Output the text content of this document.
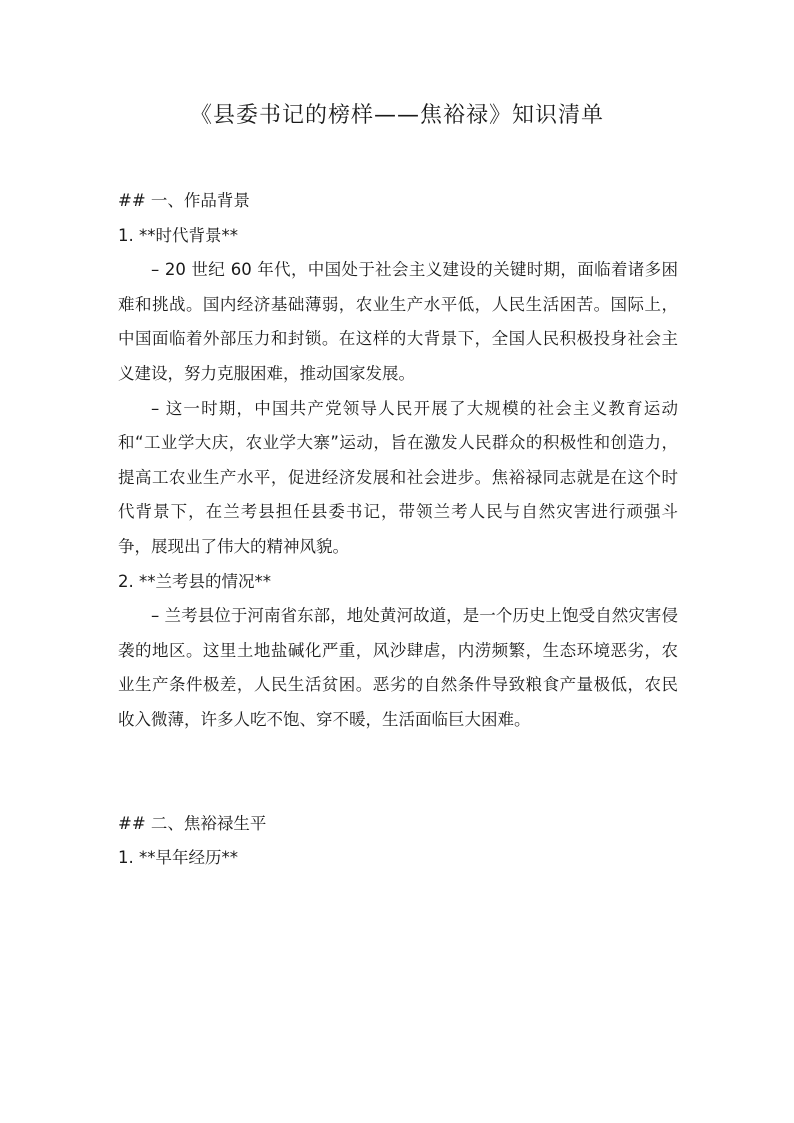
《县委书记的榜样——焦裕禄》知识清单

## 一、作品背景

1. **时代背景**

– 20 世纪 60 年代，中国处于社会主义建设的关键时期，面临着诸多困难和挑战。国内经济基础薄弱，农业生产水平低，人民生活困苦。国际上，中国面临着外部压力和封锁。在这样的大背景下，全国人民积极投身社会主义建设，努力克服困难，推动国家发展。

– 这一时期，中国共产党领导人民开展了大规模的社会主义教育运动和“工业学大庆，农业学大寨”运动，旨在激发人民群众的积极性和创造力，提高工农业生产水平，促进经济发展和社会进步。焦裕禄同志就是在这个时代背景下，在兰考县担任县委书记，带领兰考人民与自然灾害进行顽强斗争，展现出了伟大的精神风貌。

2. **兰考县的情况**

– 兰考县位于河南省东部，地处黄河故道，是一个历史上饱受自然灾害侵袭的地区。这里土地盐碱化严重，风沙肆虐，内涝频繁，生态环境恶劣，农业生产条件极差，人民生活贫困。恶劣的自然条件导致粮食产量极低，农民收入微薄，许多人吃不饱、穿不暖，生活面临巨大困难。

## 二、焦裕禄生平

1. **早年经历**
